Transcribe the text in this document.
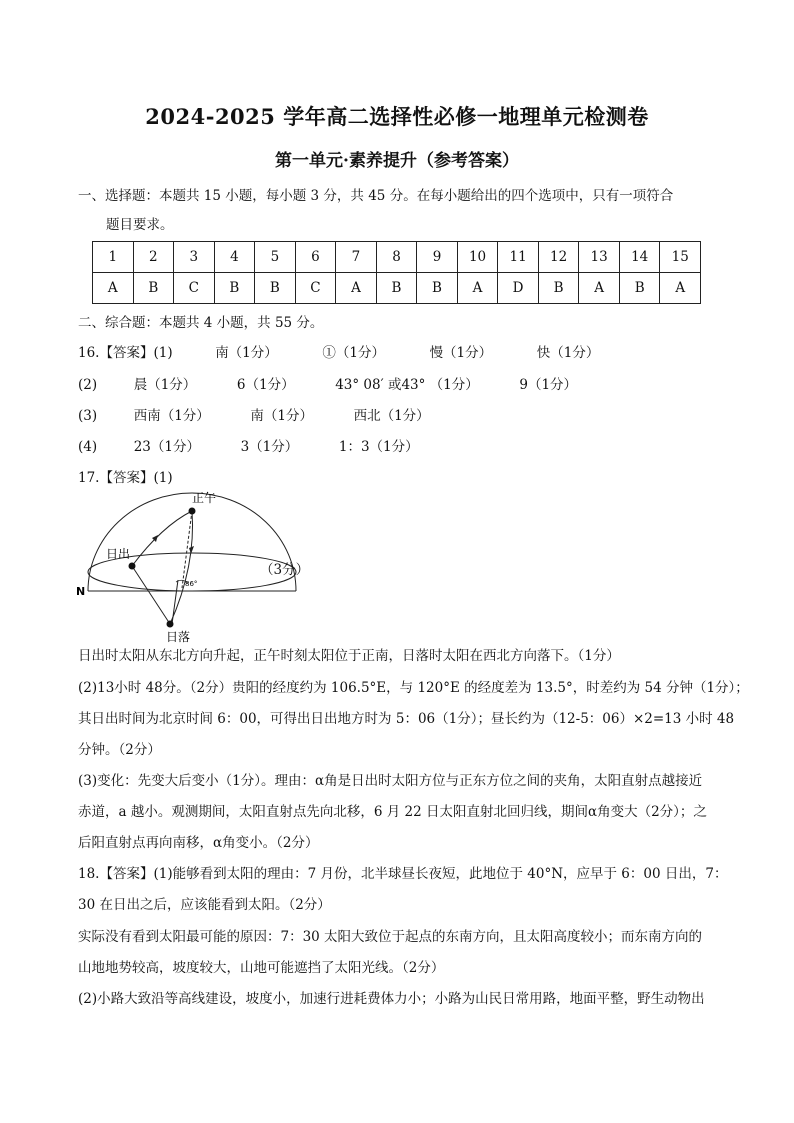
2024-2025 学年高二选择性必修一地理单元检测卷
第一单元·素养提升（参考答案）
一、选择题：本题共 15 小题，每小题 3 分，共 45 分。在每小题给出的四个选项中，只有一项符合
题目要求。
1	2	3	4	5	6	7	8	9	10	11	12	13	14	15
A	B	C	B	B	C	A	B	B	A	D	B	A	B	A
二、综合题：本题共 4 小题，共 55 分。
16.【答案】(1)	南（1分）	①（1分）	慢（1分）	快（1分）
(2)	晨（1分）	6（1分）	43° 08′ 或43° （1分）	9（1分）
(3)	西南（1分）	南（1分）	西北（1分）
(4)	23（1分）	3（1分）	1：3（1分）
17.【答案】(1)
正午
日出
日落
N
86°
（3分）
日出时太阳从东北方向升起，正午时刻太阳位于正南，日落时太阳在西北方向落下。（1分）
(2)13小时 48分。（2分）贵阳的经度约为 106.5°E，与 120°E 的经度差为 13.5°，时差约为 54 分钟（1分）；
其日出时间为北京时间 6：00，可得出日出地方时为 5：06（1分）；昼长约为（12-5：06）×2=13 小时 48
分钟。（2分）
(3)变化：先变大后变小（1分）。理由：α角是日出时太阳方位与正东方位之间的夹角，太阳直射点越接近
赤道，a 越小。观测期间，太阳直射点先向北移，6 月 22 日太阳直射北回归线，期间α角变大（2分）；之
后阳直射点再向南移，α角变小。（2分）
18.【答案】(1)能够看到太阳的理由：7 月份，北半球昼长夜短，此地位于 40°N，应早于 6：00 日出，7：
30 在日出之后，应该能看到太阳。（2分）
实际没有看到太阳最可能的原因：7：30 太阳大致位于起点的东南方向，且太阳高度较小；而东南方向的
山地地势较高，坡度较大，山地可能遮挡了太阳光线。（2分）
(2)小路大致沿等高线建设，坡度小，加速行进耗费体力小；小路为山民日常用路，地面平整，野生动物出
